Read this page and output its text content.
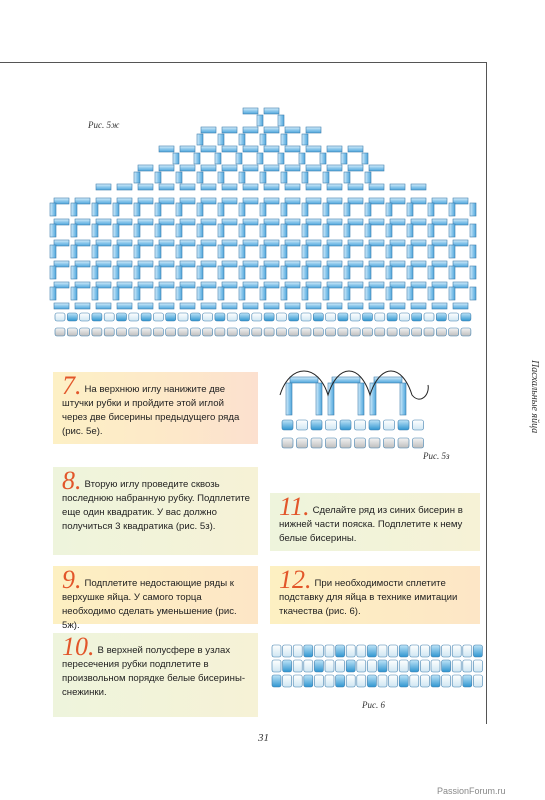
Пасхальные яйца
Рис. 5ж
Рис. 5з
Рис. 6
7. На верхнюю иглу нанижите две штучки рубки и пройдите этой иглой через две бисерины предыдущего ряда (рис. 5е).
8. Вторую иглу проведите сквозь последнюю набранную рубку. Подплетите еще один квадратик. У вас должно получиться 3 квадратика (рис. 5з).
9. Подплетите недостающие ряды к верхушке яйца. У самого торца необходимо сделать уменьшение (рис. 5ж).
10. В верхней полусфере в узлах пересечения рубки подплетите в произвольном порядке белые бисерины-снежинки.
11. Сделайте ряд из синих бисерин в нижней части пояска. Подплетите к нему белые бисерины.
12. При необходимости сплетите подставку для яйца в технике имитации ткачества (рис. 6).
31
PassionForum.ru
